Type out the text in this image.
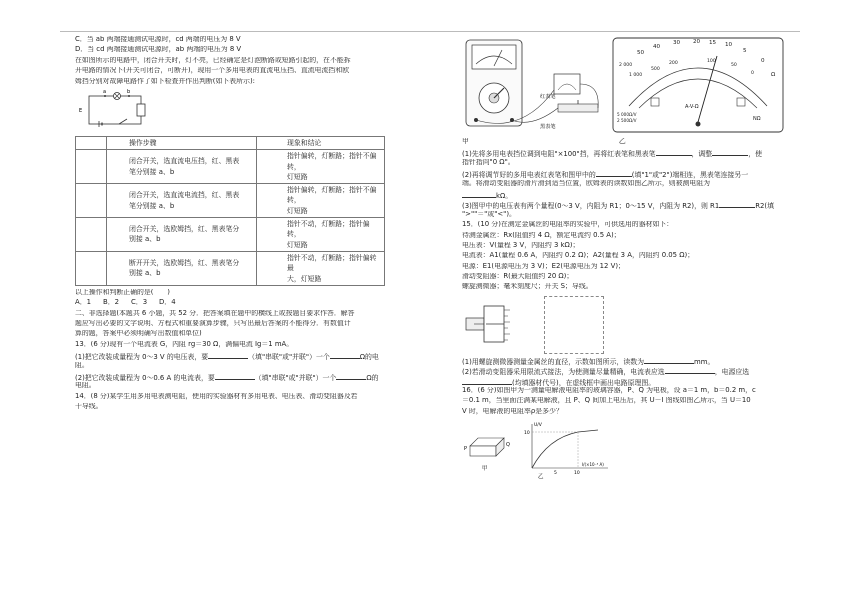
C．当 ab 两端接通测试电源时，cd 两端的电压为 8 V
D．当 cd 两端接通测试电源时，ab 两端的电压为 8 V
在如图所示的电路中，闭合开关时，灯不亮，已经确定是灯泡断路或短路引起的，在不能拆
开电路的情况下(开关可闭合，可断开)，现用一个多用电表的直流电压挡、直流电流挡和欧
姆挡分别对故障电路作了如下检查并作出判断(如下表所示):
a	b
E
	操作步骤	现象和结论
	闭合开关，选直流电压挡，红、黑表
笔分别接 a、b	指针偏转，灯断路；指针不偏转，
灯短路
	闭合开关，选直流电流挡，红、黑表
笔分别接 a、b	指针偏转，灯断路；指针不偏转，
灯短路
	闭合开关，选欧姆挡，红、黑表笔分
别接 a、b	指针不动，灯断路；指针偏转，
灯短路
	断开开关，选欧姆挡，红、黑表笔分
别接 a、b	指针不动，灯断路；指针偏转最
大，灯短路
以上操作和判断正确的是(　　)
A．1 B．2 C．3 D．4
二、非选择题(本题共 6 小题，共 52 分．把答案填在题中的横线上或按题目要求作答．解答
题应写出必要的文字说明、方程式和重要演算步骤，只写出最后答案的不能得分．有数值计
算的题，答案中必须明确写出数值和单位)
13．(6 分)现有一个电流表 G，内阻 rg＝30 Ω，满偏电流 Ig＝1 mA。
(1)把它改装成量程为 0～3 V 的电压表，要	（填"串联"或"并联"）一个	Ω的电
阻。
(2)把它改装成量程为 0～0.6 A 的电流表，要	（填"串联"或"并联"）一个	Ω的
电阻。
14．(8 分)某学生用多用电表测电阻，使用的实验器材有多用电表、电压表、滑动变阻器及若
干导线。
红表笔
黑表笔
50
40
30 20 15 10
5
0
Ω
2 000
1 000
500
200	100
50
0
A-V-Ω
NΩ
5 000Ω/V
2 500Ω/V
甲	乙
(1)先将多用电表挡位调到电阻"×100"挡，再将红表笔和黑表笔	，调整	，使
指针指向"0 Ω"。
(2)再将调节好的多用电表红表笔和图甲中的	(填"1"或"2")端相连，黑表笔连接另一
端。将滑动变阻器的滑片滑到适当位置，欧姆表的读数如图乙所示，则被测电阻为
kΩ。
(3)图甲中的电压表有两个量程(0～3 V，内阻为 R1；0～15 V，内阻为 R2)，则 R1	R2(填
">""＝"或"<")。
15．(10 分)在测定金属丝的电阻率的实验中，可供选用的器材如下：
待测金属丝：Rx(阻值约 4 Ω，额定电流约 0.5 A)；
电压表：V(量程 3 V，内阻约 3 kΩ)；
电流表：A1(量程 0.6 A，内阻约 0.2 Ω)；A2(量程 3 A，内阻约 0.05 Ω)；
电源：E1(电源电压为 3 V)；E2(电源电压为 12 V)；
滑动变阻器：R(最大阻值约 20 Ω)；
螺旋测微器；毫米刻度尺；开关 S；导线。
(1)用螺旋测微器测量金属丝的直径，示数如图所示，读数为	mm。
(2)若滑动变阻器采用限流式接法，为使测量尽量精确，电流表应选	，电源应选
(均填器材代号)，在虚线框中画出电路原理图。
16．(6 分)如图甲为一测量电解液电阻率的玻璃容器，P、Q 为电极，设 a＝1 m，b＝0.2 m，c
＝0.1 m，当里面注满某电解液，且 P、Q 间加上电压后，其 U－I 图线如图乙所示，当 U＝10
V 时，电解液的电阻率ρ是多少？
P
Q
甲
U/V
10
5	10
I/(×10⁻³ A)
乙
